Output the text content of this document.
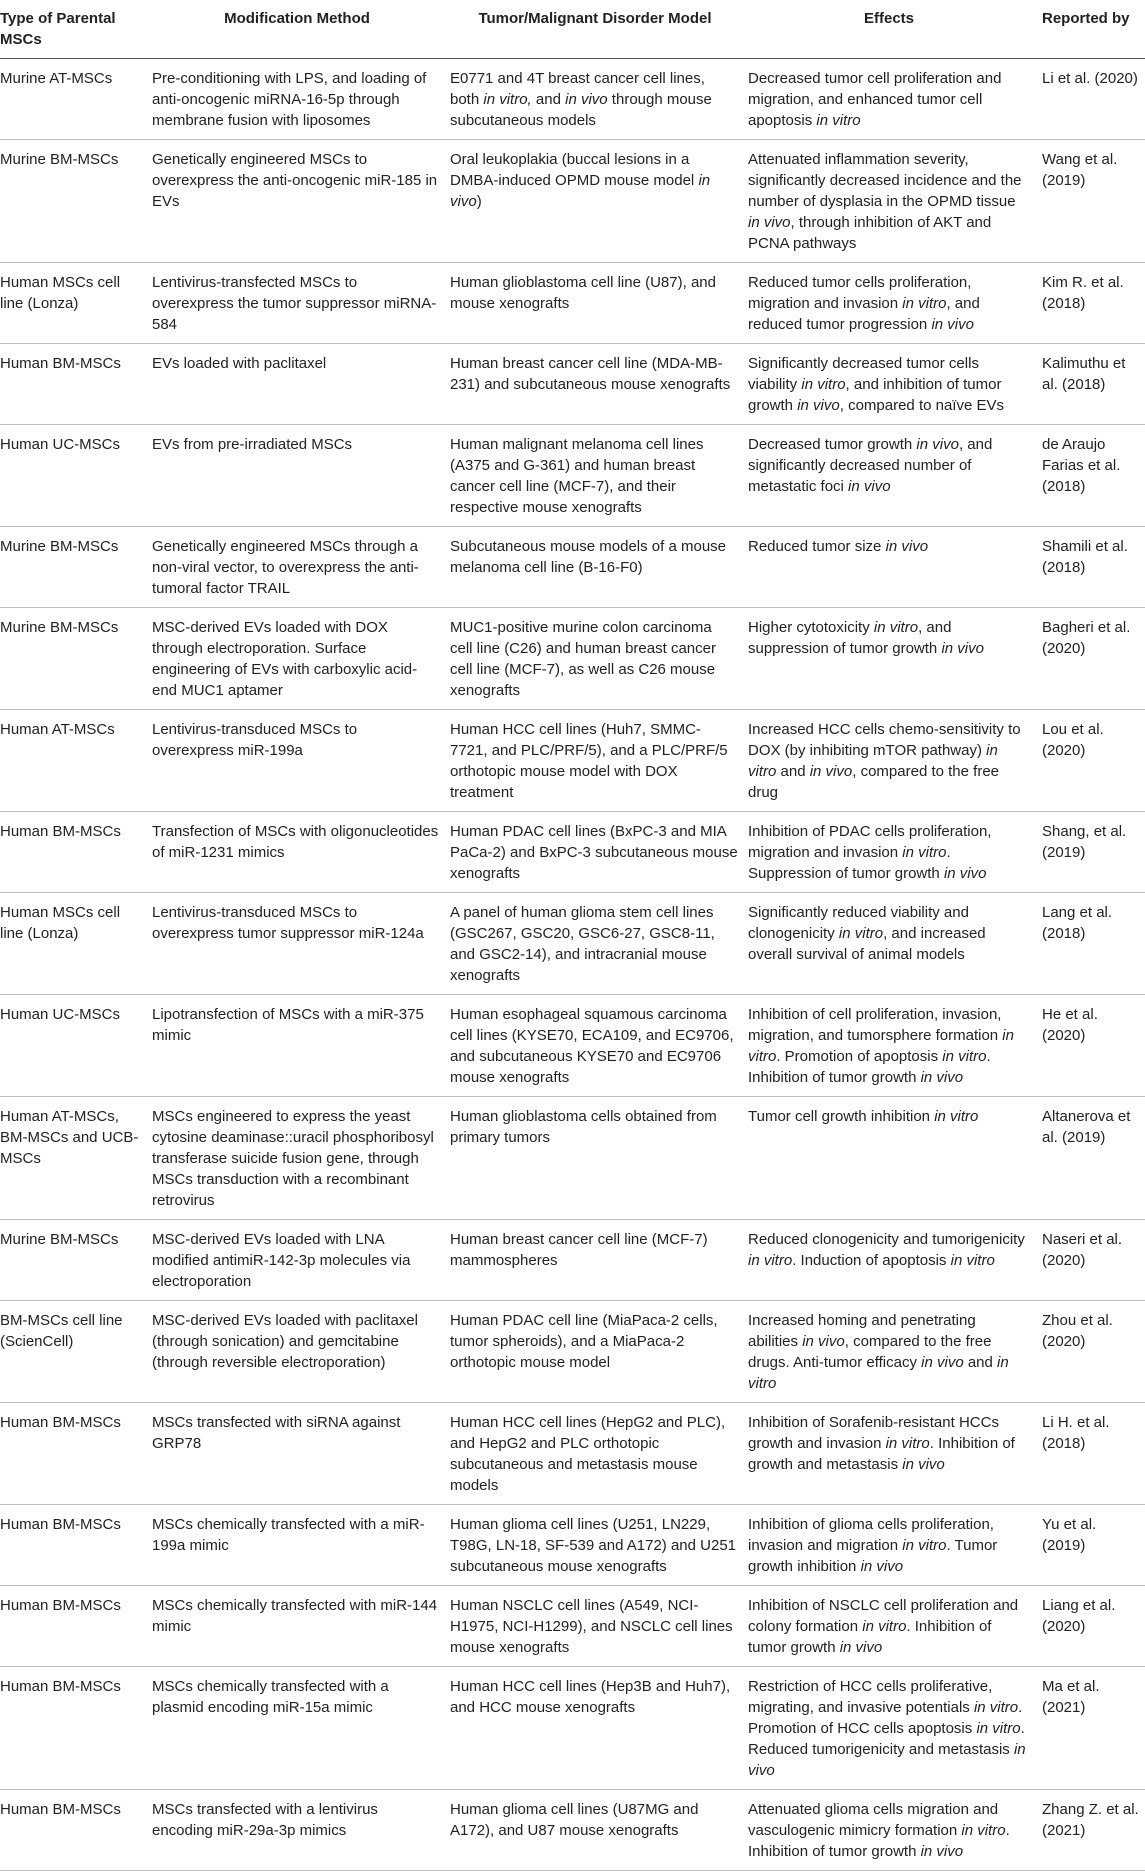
Type of Parental MSCs	Modification Method	Tumor/Malignant Disorder Model	Effects	Reported by
Murine AT-MSCs	Pre-conditioning with LPS, and loading of anti-oncogenic miRNA-16-5p through membrane fusion with liposomes	E0771 and 4T breast cancer cell lines, both in vitro, and in vivo through mouse subcutaneous models	Decreased tumor cell proliferation and migration, and enhanced tumor cell apoptosis in vitro	Li et al. (2020)
Murine BM-MSCs	Genetically engineered MSCs to overexpress the anti-oncogenic miR-185 in EVs	Oral leukoplakia (buccal lesions in a DMBA-induced OPMD mouse model in vivo)	Attenuated inflammation severity, significantly decreased incidence and the number of dysplasia in the OPMD tissue in vivo, through inhibition of AKT and PCNA pathways	Wang et al. (2019)
Human MSCs cell line (Lonza)	Lentivirus-transfected MSCs to overexpress the tumor suppressor miRNA-584	Human glioblastoma cell line (U87), and mouse xenografts	Reduced tumor cells proliferation, migration and invasion in vitro, and reduced tumor progression in vivo	Kim R. et al. (2018)
Human BM-MSCs	EVs loaded with paclitaxel	Human breast cancer cell line (MDA-MB-231) and subcutaneous mouse xenografts	Significantly decreased tumor cells viability in vitro, and inhibition of tumor growth in vivo, compared to naïve EVs	Kalimuthu et al. (2018)
Human UC-MSCs	EVs from pre-irradiated MSCs	Human malignant melanoma cell lines (A375 and G-361) and human breast cancer cell line (MCF-7), and their respective mouse xenografts	Decreased tumor growth in vivo, and significantly decreased number of metastatic foci in vivo	de Araujo Farias et al. (2018)
Murine BM-MSCs	Genetically engineered MSCs through a non-viral vector, to overexpress the anti-tumoral factor TRAIL	Subcutaneous mouse models of a mouse melanoma cell line (B-16-F0)	Reduced tumor size in vivo	Shamili et al. (2018)
Murine BM-MSCs	MSC-derived EVs loaded with DOX through electroporation. Surface engineering of EVs with carboxylic acid-end MUC1 aptamer	MUC1-positive murine colon carcinoma cell line (C26) and human breast cancer cell line (MCF-7), as well as C26 mouse xenografts	Higher cytotoxicity in vitro, and suppression of tumor growth in vivo	Bagheri et al. (2020)
Human AT-MSCs	Lentivirus-transduced MSCs to overexpress miR-199a	Human HCC cell lines (Huh7, SMMC-7721, and PLC/PRF/5), and a PLC/PRF/5 orthotopic mouse model with DOX treatment	Increased HCC cells chemo-sensitivity to DOX (by inhibiting mTOR pathway) in vitro and in vivo, compared to the free drug	Lou et al. (2020)
Human BM-MSCs	Transfection of MSCs with oligonucleotides of miR-1231 mimics	Human PDAC cell lines (BxPC-3 and MIA PaCa-2) and BxPC-3 subcutaneous mouse xenografts	Inhibition of PDAC cells proliferation, migration and invasion in vitro. Suppression of tumor growth in vivo	Shang, et al. (2019)
Human MSCs cell line (Lonza)	Lentivirus-transduced MSCs to overexpress tumor suppressor miR-124a	A panel of human glioma stem cell lines (GSC267, GSC20, GSC6-27, GSC8-11, and GSC2-14), and intracranial mouse xenografts	Significantly reduced viability and clonogenicity in vitro, and increased overall survival of animal models	Lang et al. (2018)
Human UC-MSCs	Lipotransfection of MSCs with a miR-375 mimic	Human esophageal squamous carcinoma cell lines (KYSE70, ECA109, and EC9706, and subcutaneous KYSE70 and EC9706 mouse xenografts	Inhibition of cell proliferation, invasion, migration, and tumorsphere formation in vitro. Promotion of apoptosis in vitro. Inhibition of tumor growth in vivo	He et al. (2020)
Human AT-MSCs, BM-MSCs and UCB-MSCs	MSCs engineered to express the yeast cytosine deaminase::uracil phosphoribosyl transferase suicide fusion gene, through MSCs transduction with a recombinant retrovirus	Human glioblastoma cells obtained from primary tumors	Tumor cell growth inhibition in vitro	Altanerova et al. (2019)
Murine BM-MSCs	MSC-derived EVs loaded with LNA modified antimiR-142-3p molecules via electroporation	Human breast cancer cell line (MCF-7) mammospheres	Reduced clonogenicity and tumorigenicity in vitro. Induction of apoptosis in vitro	Naseri et al. (2020)
BM-MSCs cell line (ScienCell)	MSC-derived EVs loaded with paclitaxel (through sonication) and gemcitabine (through reversible electroporation)	Human PDAC cell line (MiaPaca-2 cells, tumor spheroids), and a MiaPaca-2 orthotopic mouse model	Increased homing and penetrating abilities in vivo, compared to the free drugs. Anti-tumor efficacy in vivo and in vitro	Zhou et al. (2020)
Human BM-MSCs	MSCs transfected with siRNA against GRP78	Human HCC cell lines (HepG2 and PLC), and HepG2 and PLC orthotopic subcutaneous and metastasis mouse models	Inhibition of Sorafenib-resistant HCCs growth and invasion in vitro. Inhibition of growth and metastasis in vivo	Li H. et al. (2018)
Human BM-MSCs	MSCs chemically transfected with a miR-199a mimic	Human glioma cell lines (U251, LN229, T98G, LN-18, SF-539 and A172) and U251 subcutaneous mouse xenografts	Inhibition of glioma cells proliferation, invasion and migration in vitro. Tumor growth inhibition in vivo	Yu et al. (2019)
Human BM-MSCs	MSCs chemically transfected with miR-144 mimic	Human NSCLC cell lines (A549, NCI-H1975, NCI-H1299), and NSCLC cell lines mouse xenografts	Inhibition of NSCLC cell proliferation and colony formation in vitro. Inhibition of tumor growth in vivo	Liang et al. (2020)
Human BM-MSCs	MSCs chemically transfected with a plasmid encoding miR-15a mimic	Human HCC cell lines (Hep3B and Huh7), and HCC mouse xenografts	Restriction of HCC cells proliferative, migrating, and invasive potentials in vitro. Promotion of HCC cells apoptosis in vitro. Reduced tumorigenicity and metastasis in vivo	Ma et al. (2021)
Human BM-MSCs	MSCs transfected with a lentivirus encoding miR-29a-3p mimics	Human glioma cell lines (U87MG and A172), and U87 mouse xenografts	Attenuated glioma cells migration and vasculogenic mimicry formation in vitro. Inhibition of tumor growth in vivo	Zhang Z. et al. (2021)
